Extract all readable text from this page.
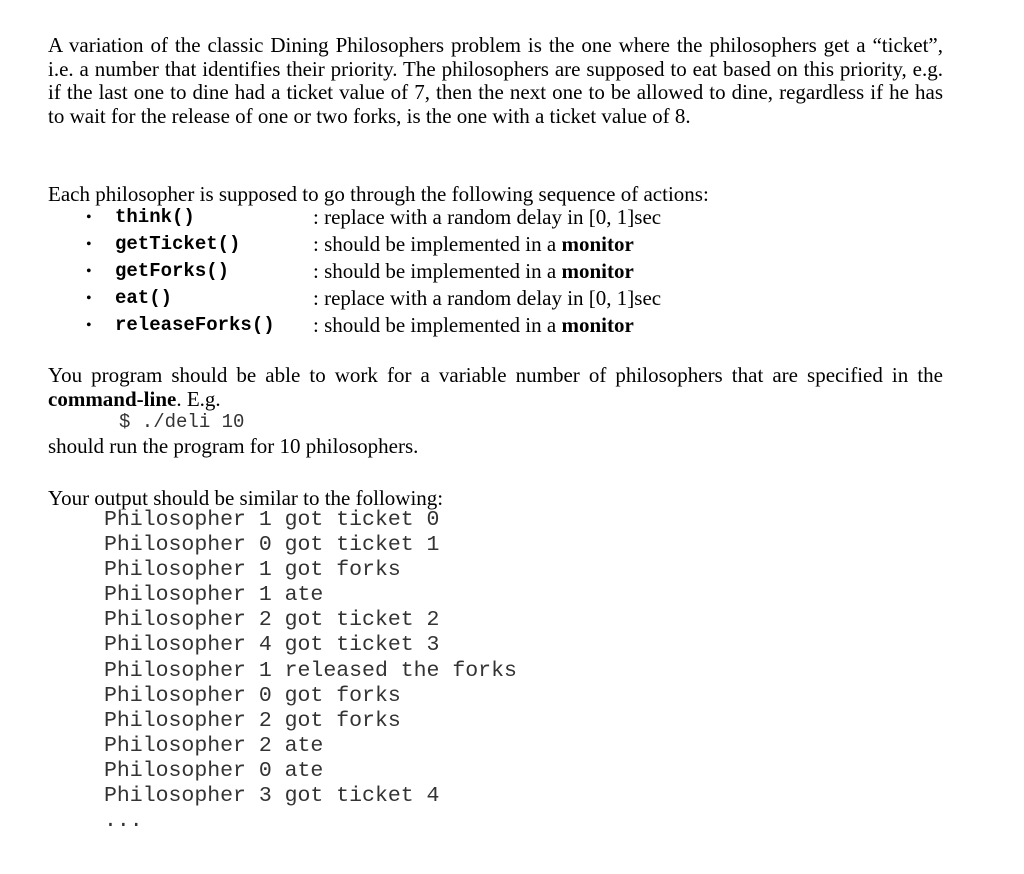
A variation of the classic Dining Philosophers problem is the one where the philosophers get a “ticket”, i.e. a number that identifies their priority. The philosophers are supposed to eat based on this priority, e.g. if the last one to dine had a ticket value of 7, then the next one to be allowed to dine, regardless if he has to wait for the release of one or two forks, is the one with a ticket value of 8.

Each philosopher is supposed to go through the following sequence of actions:
• think()	: replace with a random delay in [0, 1]sec
• getTicket()	: should be implemented in a monitor
• getForks()	: should be implemented in a monitor
• eat()	: replace with a random delay in [0, 1]sec
• releaseForks() : should be implemented in a monitor
You program should be able to work for a variable number of philosophers that are specified in the command-line. E.g.
$ ./deli 10
should run the program for 10 philosophers.
Your output should be similar to the following:
Philosopher 1 got ticket 0
Philosopher 0 got ticket 1
Philosopher 1 got forks
Philosopher 1 ate
Philosopher 2 got ticket 2
Philosopher 4 got ticket 3
Philosopher 1 released the forks
Philosopher 0 got forks
Philosopher 2 got forks
Philosopher 2 ate
Philosopher 0 ate
Philosopher 3 got ticket 4
...
